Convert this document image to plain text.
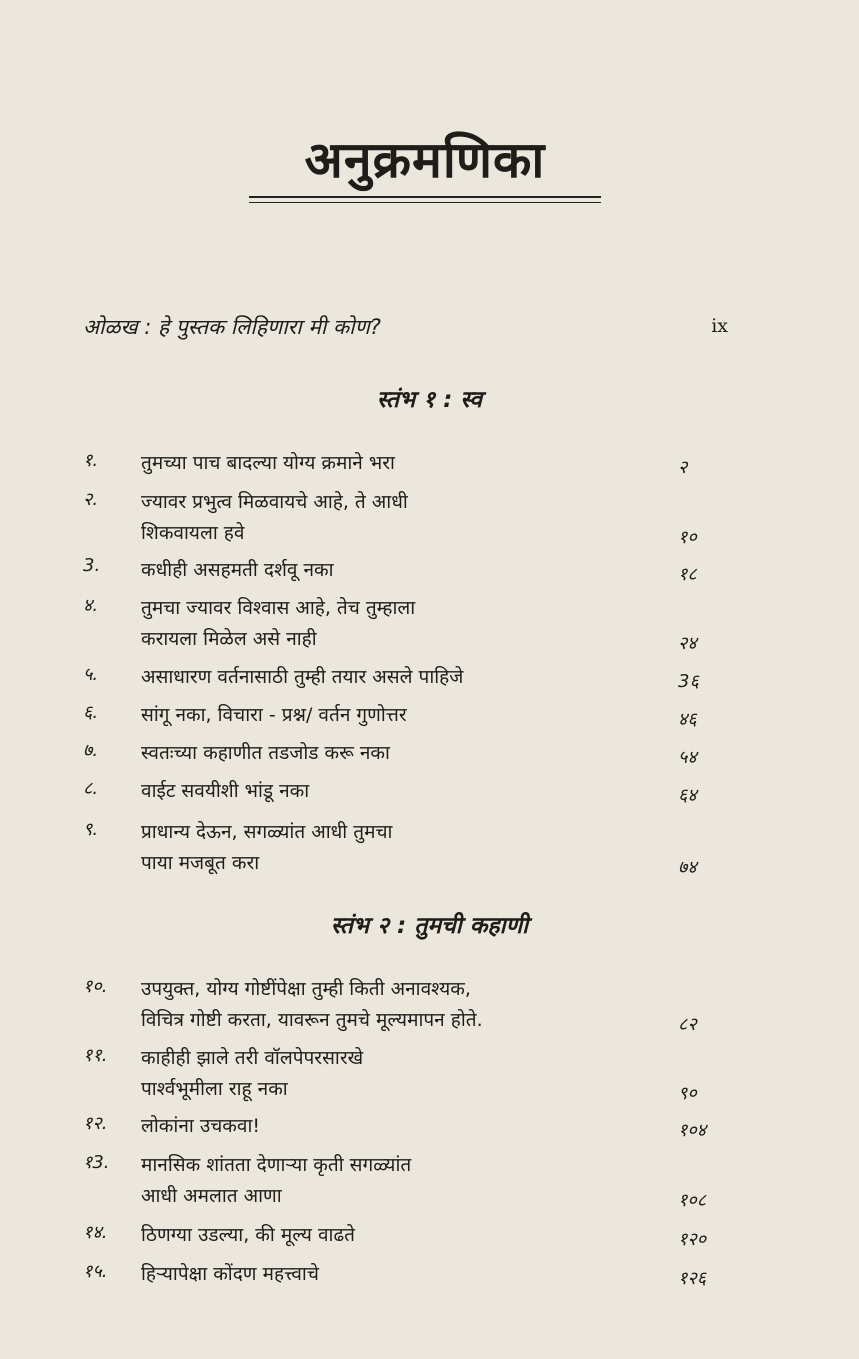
अनुक्रमणिका
ओळख : हे पुस्तक लिहिणारा मी कोण?	ix
स्तंभ १ : स्व
१.	तुमच्या पाच बादल्या योग्य क्रमाने भरा	२
२.	ज्यावर प्रभुत्व मिळवायचे आहे, ते आधी
शिकवायला हवे	१०
3.	कधीही असहमती दर्शवू नका	१८
४.	तुमचा ज्यावर विश्वास आहे, तेच तुम्हाला
करायला मिळेल असे नाही	२४
५.	असाधारण वर्तनासाठी तुम्ही तयार असले पाहिजे	3६
६.	सांगू नका, विचारा - प्रश्न/ वर्तन गुणोत्तर	४६
७.	स्वतःच्या कहाणीत तडजोड करू नका	५४
८.	वाईट सवयीशी भांडू नका	६४
९.	प्राधान्य देऊन, सगळ्यांत आधी तुमचा
पाया मजबूत करा	७४
स्तंभ २ : तुमची कहाणी
१०.	उपयुक्त, योग्य गोष्टींपेक्षा तुम्ही किती अनावश्यक,
विचित्र गोष्टी करता, यावरून तुमचे मूल्यमापन होते.	८२
११.	काहीही झाले तरी वॉलपेपरसारखे
पार्श्वभूमीला राहू नका	९०
१२.	लोकांना उचकवा!	१०४
१3.	मानसिक शांतता देणाऱ्या कृती सगळ्यांत
आधी अमलात आणा	१०८
१४.	ठिणग्या उडल्या, की मूल्य वाढते	१२०
१५.	हिऱ्यापेक्षा कोंदण महत्त्वाचे	१२६
